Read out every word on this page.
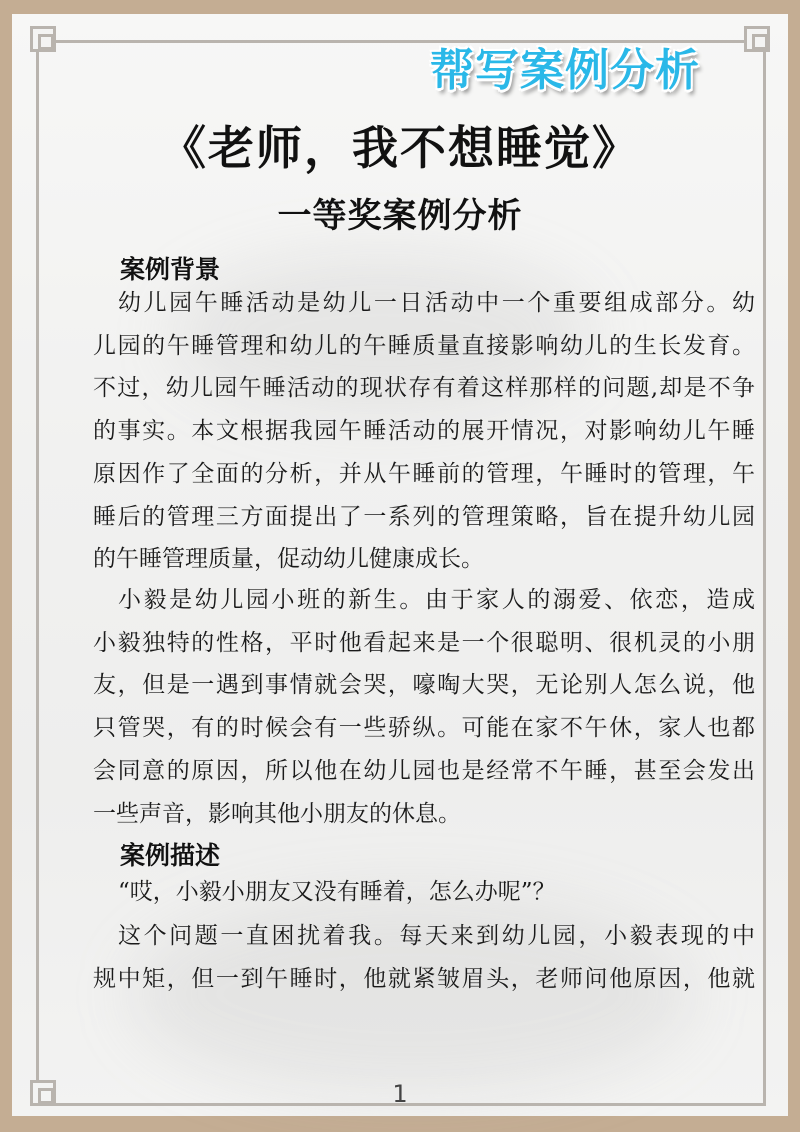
帮写案例分析
《老师，我不想睡觉》
一等奖案例分析
案例背景
幼儿园午睡活动是幼儿一日活动中一个重要组成部分。幼
儿园的午睡管理和幼儿的午睡质量直接影响幼儿的生长发育。
不过，幼儿园午睡活动的现状存有着这样那样的问题,却是不争
的事实。本文根据我园午睡活动的展开情况，对影响幼儿午睡
原因作了全面的分析，并从午睡前的管理，午睡时的管理，午
睡后的管理三方面提出了一系列的管理策略，旨在提升幼儿园
的午睡管理质量，促动幼儿健康成长。
小毅是幼儿园小班的新生。由于家人的溺爱、依恋，造成
小毅独特的性格，平时他看起来是一个很聪明、很机灵的小朋
友，但是一遇到事情就会哭，嚎啕大哭，无论别人怎么说，他
只管哭，有的时候会有一些骄纵。可能在家不午休，家人也都
会同意的原因，所以他在幼儿园也是经常不午睡，甚至会发出
一些声音，影响其他小朋友的休息。
案例描述
“哎，小毅小朋友又没有睡着，怎么办呢”？
这个问题一直困扰着我。每天来到幼儿园，小毅表现的中
规中矩，但一到午睡时，他就紧皱眉头，老师问他原因，他就
1
